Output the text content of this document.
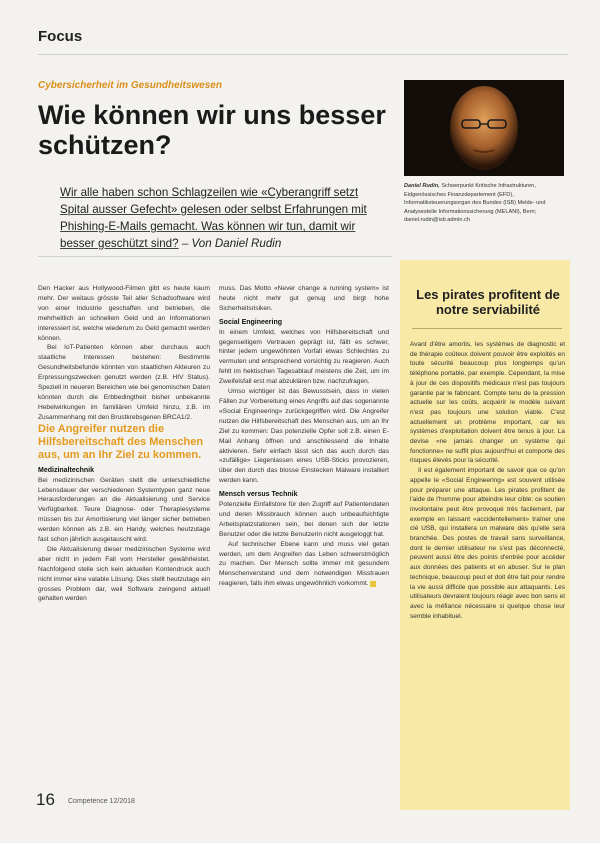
Focus
Cybersicherheit im Gesundheitswesen
Wie können wir uns besser schützen?
Daniel Rudin, Schwerpunkt Kritische Infrastrukturen, Eidgenössisches Finanzdepartement (EFD), Informatiksteuerungsorgan des Bundes (ISB) Melde- und Analysestelle Informationssicherung (MELANI), Bern; daniel.rudin@isb.admin.ch
Wir alle haben schon Schlagzeilen wie «Cyberangriff setzt Spital ausser Gefecht» gelesen oder selbst Erfahrungen mit Phishing-E-Mails gemacht. Was können wir tun, damit wir besser geschützt sind? – Von Daniel Rudin

Den Hacker aus Hollywood-Filmen gibt es heute kaum mehr. Der weitaus grösste Teil aller Schadsoftware wird von einer Industrie geschaffen und betrieben, die mehrheitlich an schnellem Geld und an Informationen interessiert ist, welche wiederum zu Geld gemacht werden können.

Bei IoT-Patienten können aber durchaus auch staatliche Interessen bestehen: Bestimmte Gesundheitsbefunde könnten von staatlichen Akteuren zu Erpressungszwecken genutzt werden (z.B. HIV Status). Speziell in neueren Bereichen wie bei genomischen Daten könnten durch die Erbbedingtheit bisher unbekannte Hebelwirkungen im familiären Umfeld hinzu, z.B. im Zusammenhang mit den Brustkrebsgenen BRCA1/2.

Die Angreifer nutzen die Hilfsbereitschaft des Menschen aus, um an Ihr Ziel zu kommen.

Medizinaltechnik

Bei medizinischen Geräten stellt die unterschiedliche Lebensdauer der verschiedenen Systemtypen ganz neue Herausforderungen an die Aktualisierung und Service Verfügbarkeit. Teure Diagnose- oder Therapiesysteme müssen bis zur Amortisierung viel länger sicher betrieben werden können als z.B. ein Handy, welches heutzutage fast schon jährlich ausgetauscht wird.

Die Aktualisierung dieser medizinischen Systeme wird aber nicht in jedem Fall vom Hersteller gewährleistet. Nachfolgend stelle sich kein aktuellen Kontendruck auch nicht immer eine valable Lösung. Dies stellt heutzutage ein grosses Problem dar, weil Software zwingend aktuell gehalten werden

muss. Das Motto «Never change a running system» ist heute nicht mehr gut genug und birgt hohe Sicherheitsrisiken.

Social Engineering

In einem Umfeld, welches von Hilfsbereitschaft und gegenseitigem Vertrauen geprägt ist, fällt es schwer, hinter jedem ungewöhnten Vorfall etwas Schlechtes zu vermuten und entsprechend vorsichtig zu reagieren. Auch fehlt im hektischen Tagesablauf meistens die Zeit, um im Zweifelsfall erst mal abzuklären bzw. nachzufragen.

Umso wichtiger ist das Bewusstsein, dass in vielen Fällen zur Vorbereitung eines Angriffs auf das sogenannte «Social Engineering» zurückgegriffen wird. Die Angreifer nutzen die Hilfsbereitschaft des Menschen aus, um an Ihr Ziel zu kommen: Das potenzielle Opfer soll z.B. einen E-Mail Anhang öffnen und anschliessend die Inhalte aktivieren. Sehr einfach lässt sich das auch durch das «zufällige» Liegenlassen eines USB-Sticks provozieren, über den durch das blosse Einstecken Malware installiert werden kann.

Mensch versus Technik

Potenzielle Einfallstore für den Zugriff auf Patientendaten und deren Missbrauch können auch unbeaufsichtigte Arbeitsplatzstationen sein, bei denen sich der letzte Benutzer oder die letzte Benutzerin nicht ausgeloggt hat.

Auf technischer Ebene kann und muss viel getan werden, um dem Angreifen das Leben schwerstmöglich zu machen. Der Mensch sollte immer mit gesundem Menschenverstand und dem notwendigen Misstrauen reagieren, falls ihm etwas ungewöhnlich vorkommt.

Les pirates profitent de notre serviabilité

Avant d'être amortis, les systèmes de diagnostic et de thérapie coûteux doivent pouvoir être exploités en toute sécurité beaucoup plus longtemps qu'un téléphone portable, par exemple. Cependant, la mise à jour de ces dispositifs médicaux n'est pas toujours garantie par le fabricant. Compte tenu de la pression actuelle sur les coûts, acquérir le modèle suivant n'est pas toujours une solution viable. C'est actuellement un problème important, car les systèmes d'exploitation doivent être tenus à jour. La devise «ne jamais changer un système qui fonctionne» ne suffit plus aujourd'hui et comporte des risques élevés pour la sécurité.

Il est également important de savoir que ce qu'on appelle le «Social Engineering» est souvent utilisée pour préparer une attaque. Les pirates profitent de l'aide de l'homme pour atteindre leur cible: ce soutien involontaire peut être provoqué très facilement, par exemple en laissant «accidentellement» traîner une clé USB, qui installera un malware dès qu'elle sera branchée. Des postes de travail sans surveillance, dont le dernier utilisateur ne s'est pas déconnecté, peuvent aussi être des points d'entrée pour accéder aux données des patients et en abuser. Sur le plan technique, beaucoup peut et doit être fait pour rendre la vie aussi difficile que possible aux attaquants. Les utilisateurs devraient toujours réagir avec bon sens et avec la méfiance nécessaire si quelque chose leur semble inhabituel.

16 Competence 12/2018
